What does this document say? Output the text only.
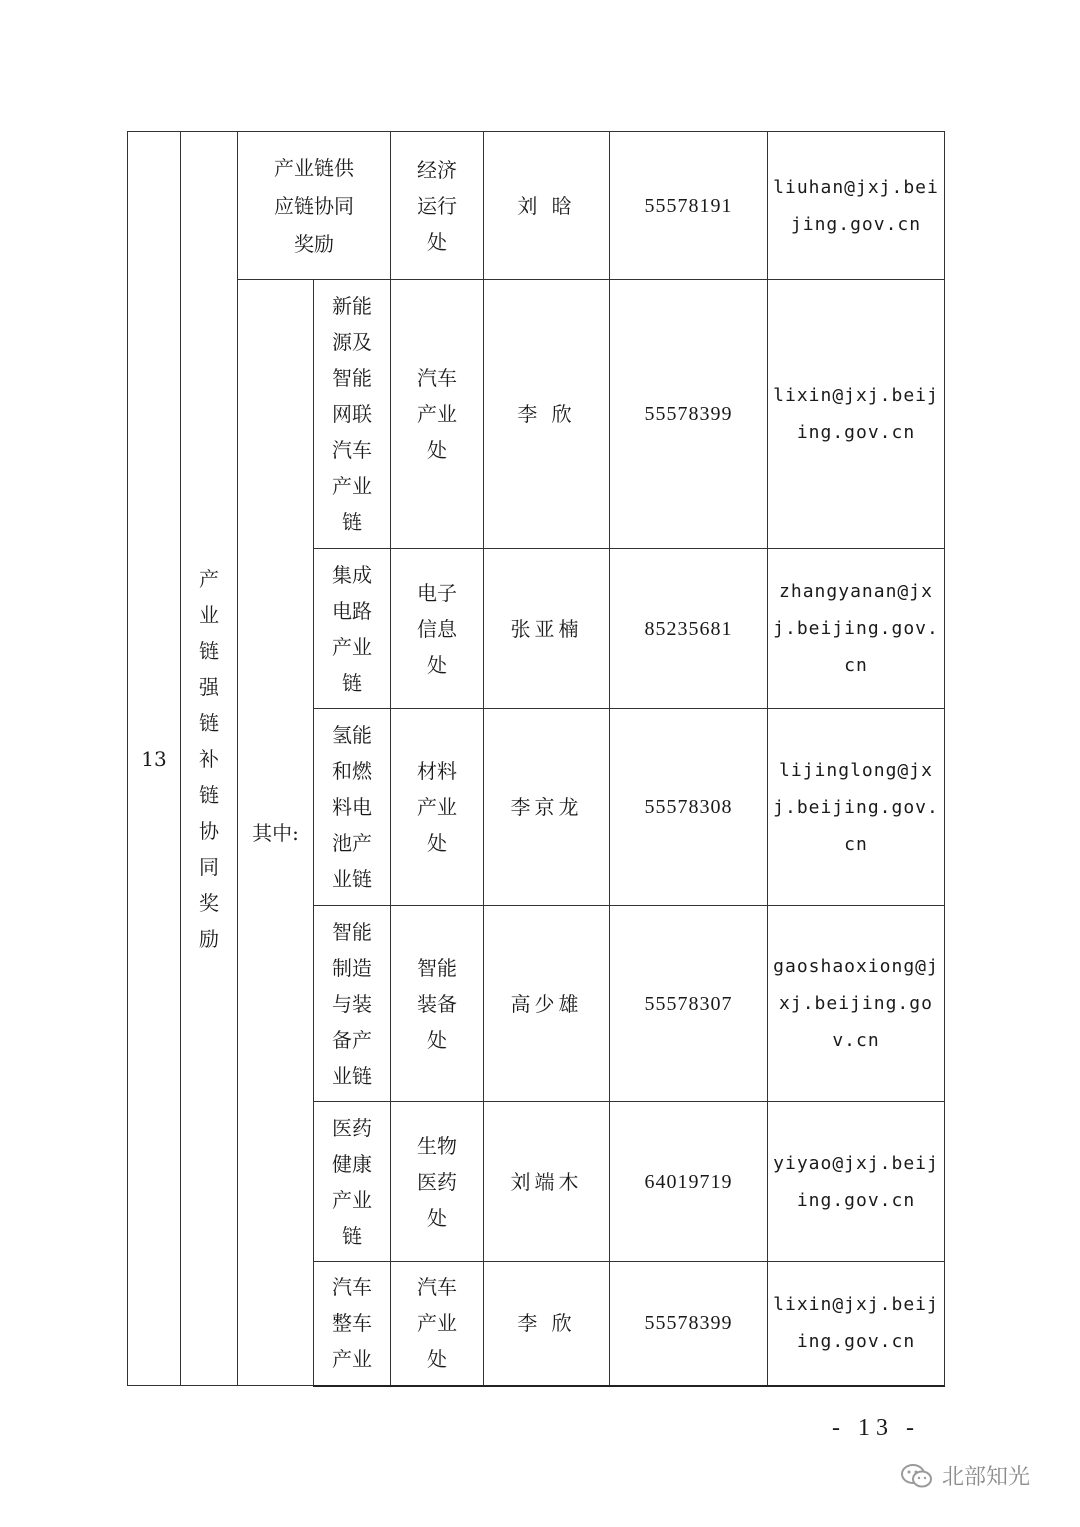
13	产业链强链补链协同奖励	产业链供应链协同奖励		经济运行处	刘 晗	55578191	liuhan@jxj.beijing.gov.cn
		其中:	新能源及智能网联汽车产业链	汽车产业处	李 欣	55578399	lixin@jxj.beijing.gov.cn
			集成电路产业链	电子信息处	张亚楠	85235681	zhangyanan@jxj.beijing.gov.cn
			氢能和燃料电池产业链	材料产业处	李京龙	55578308	lijinglong@jxj.beijing.gov.cn
			智能制造与装备产业链	智能装备处	高少雄	55578307	gaoshaoxiong@jxj.beijing.gov.cn
			医药健康产业链	生物医药处	刘端木	64019719	yiyao@jxj.beijing.gov.cn
			汽车整车产业	汽车产业处	李 欣	55578399	lixin@jxj.beijing.gov.cn
- 13 -
北部知光
